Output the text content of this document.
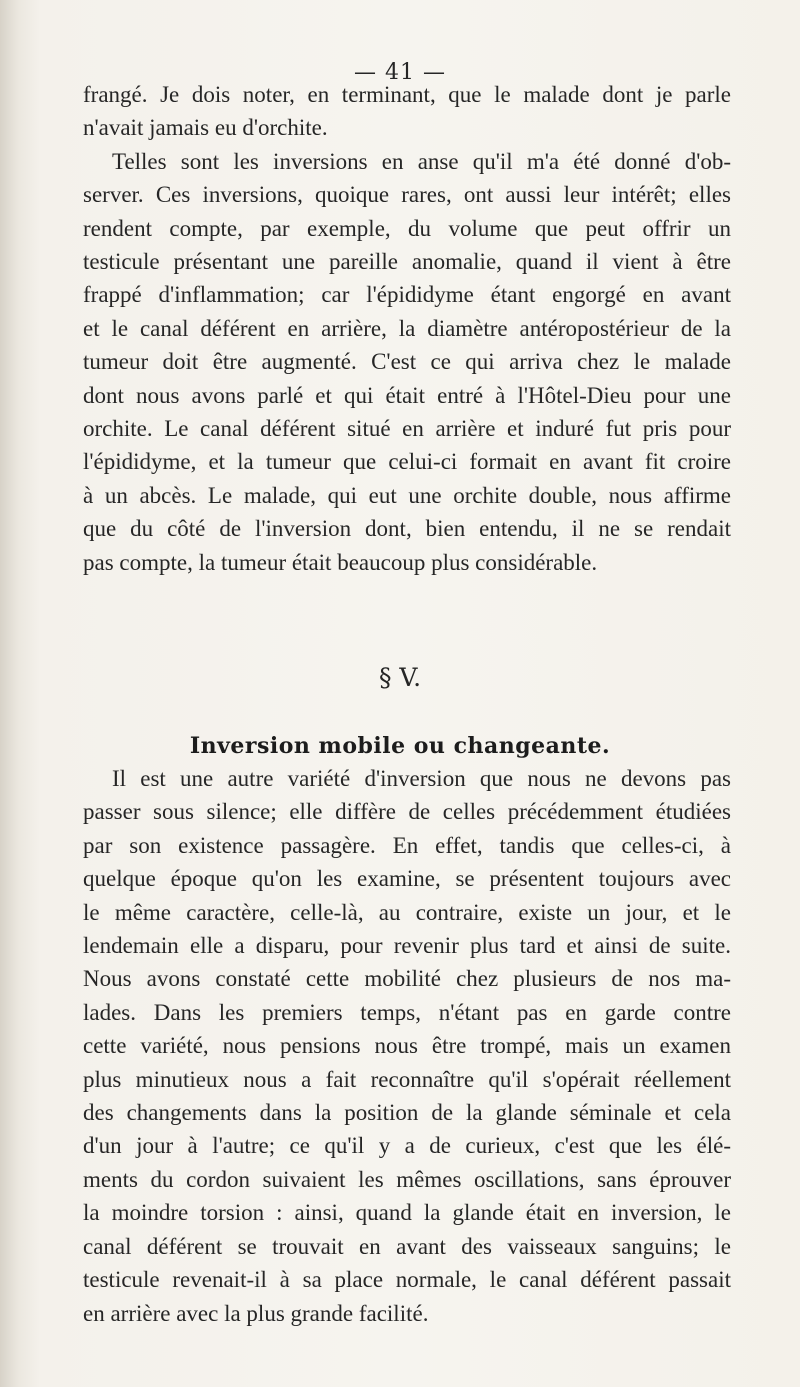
— 41 —
frangé. Je dois noter, en terminant, que le malade dont je parle
n'avait jamais eu d'orchite.
Telles sont les inversions en anse qu'il m'a été donné d'ob-
server. Ces inversions, quoique rares, ont aussi leur intérêt; elles
rendent compte, par exemple, du volume que peut offrir un
testicule présentant une pareille anomalie, quand il vient à être
frappé d'inflammation; car l'épididyme étant engorgé en avant
et le canal déférent en arrière, la diamètre antéropostérieur de la
tumeur doit être augmenté. C'est ce qui arriva chez le malade
dont nous avons parlé et qui était entré à l'Hôtel-Dieu pour une
orchite. Le canal déférent situé en arrière et induré fut pris pour
l'épididyme, et la tumeur que celui-ci formait en avant fit croire
à un abcès. Le malade, qui eut une orchite double, nous affirme
que du côté de l'inversion dont, bien entendu, il ne se rendait
pas compte, la tumeur était beaucoup plus considérable.
§ V.
Inversion mobile ou changeante.
Il est une autre variété d'inversion que nous ne devons pas
passer sous silence; elle diffère de celles précédemment étudiées
par son existence passagère. En effet, tandis que celles-ci, à
quelque époque qu'on les examine, se présentent toujours avec
le même caractère, celle-là, au contraire, existe un jour, et le
lendemain elle a disparu, pour revenir plus tard et ainsi de suite.
Nous avons constaté cette mobilité chez plusieurs de nos ma-
lades. Dans les premiers temps, n'étant pas en garde contre
cette variété, nous pensions nous être trompé, mais un examen
plus minutieux nous a fait reconnaître qu'il s'opérait réellement
des changements dans la position de la glande séminale et cela
d'un jour à l'autre; ce qu'il y a de curieux, c'est que les élé-
ments du cordon suivaient les mêmes oscillations, sans éprouver
la moindre torsion : ainsi, quand la glande était en inversion, le
canal déférent se trouvait en avant des vaisseaux sanguins; le
testicule revenait-il à sa place normale, le canal déférent passait
en arrière avec la plus grande facilité.
